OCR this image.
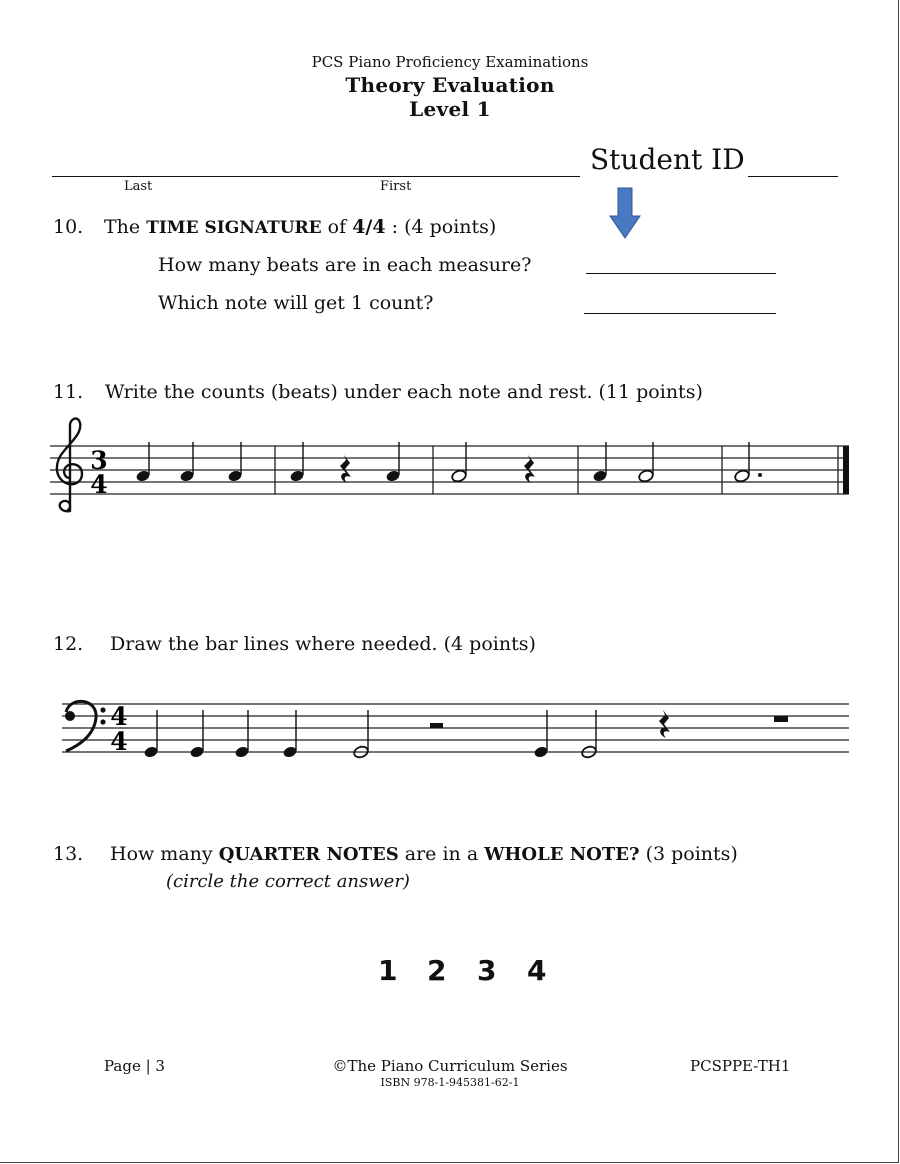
PCS Piano Proficiency Examinations
Theory Evaluation
Level 1
Student ID
Last	First
10. The TIME SIGNATURE of 4/4 : (4 points)
How many beats are in each measure?
Which note will get 1 count?
11. Write the counts (beats) under each note and rest. (11 points)
3
4
12. Draw the bar lines where needed. (4 points)
4
4
13. How many QUARTER NOTES are in a WHOLE NOTE? (3 points)
(circle the correct answer)
1 2 3 4
Page | 3	©The Piano Curriculum Series
ISBN 978-1-945381-62-1
PCSPPE-TH1
